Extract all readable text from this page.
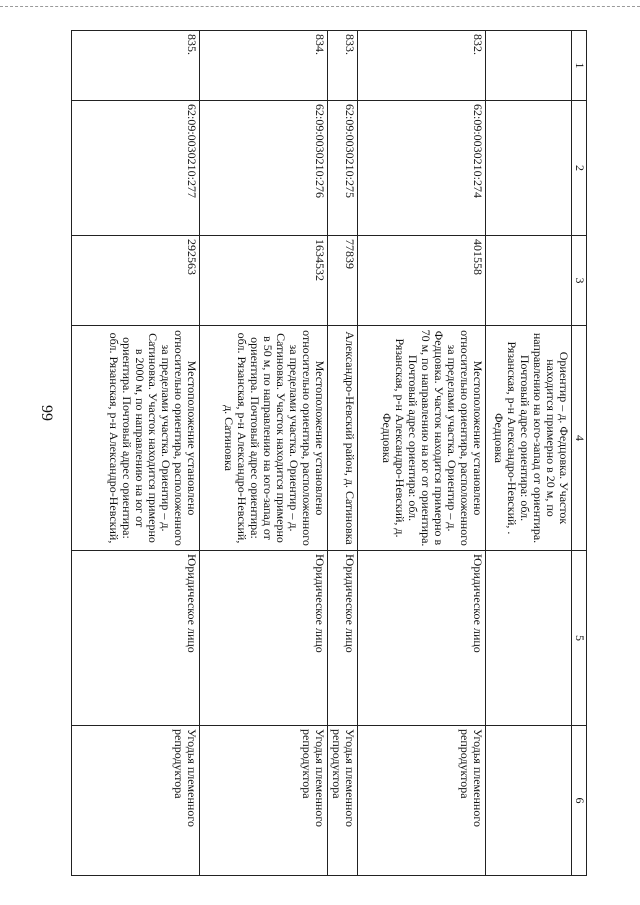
99
1	2	3	4	5	6
			Ориентир – д. Федцовка. Участок находится примерно в 20 м, по направлению на юго-запад от ориентира. Почтовый адрес ориентира: обл. Рязанская, р-н Александро-Невский, . Федцовка		
832.	62:09:0030210:274	401558	Местоположение установлено относительно ориентира, расположенного за пределами участка. Ориентир – д. Федцовка. Участок находится примерно в 70 м, по направлению на юг от ориентира. Почтовый адрес ориентира: обл. Рязанская, р-н Александро-Невский, д. Федцовка	Юридическое лицо	Угодья племенного репродуктора
833.	62:09:0030210:275	77839	Александро-Невский район, д. Сатиновка	Юридическое лицо	Угодья племенного репродуктора
834.	62:09:0030210:276	1634532	Местоположение установлено относительно ориентира, расположенного за пределами участка. Ориентир – д. Сатиновка. Участок находится примерно в 50 м, по направлению на юго-запад от ориентира. Почтовый адрес ориентира: обл. Рязанская, р-н Александро-Невский, д. Сатиновка	Юридическое лицо	Угодья племенного репродуктора
835.	62:09:0030210:277	292563	Местоположение установлено относительно ориентира, расположенного за пределами участка. Ориентир – д. Сатиновка. Участок находится примерно в 2000 м, по направлению на юг от ориентира. Почтовый адрес ориентира: обл. Рязанская, р-н Александро-Невский,	Юридическое лицо	Угодья племенного репродуктора
